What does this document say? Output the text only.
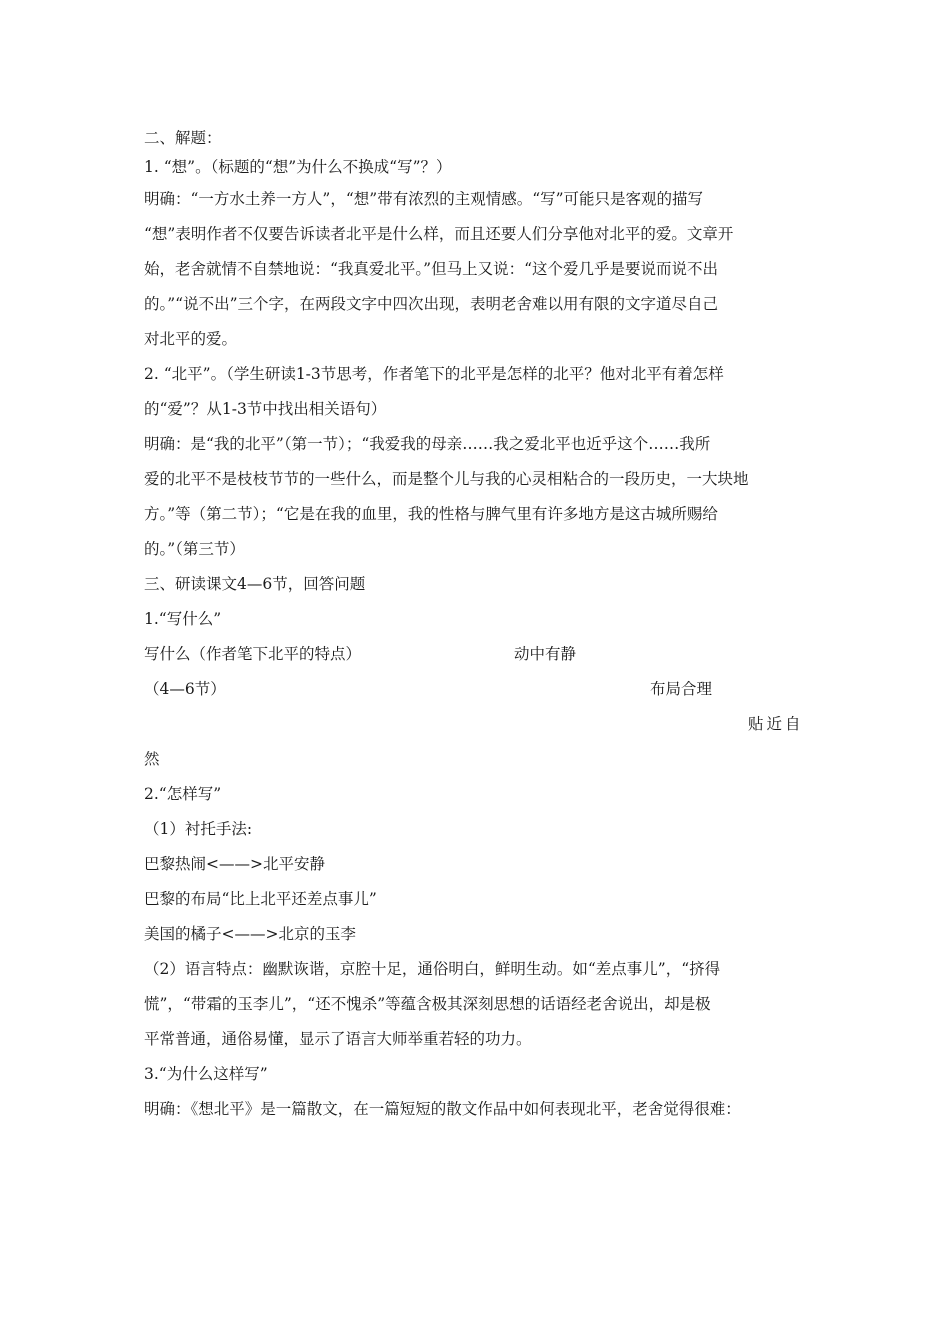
二、解题：
1. “想”。（标题的“想”为什么不换成“写”？）
明确：“一方水土养一方人”，“想”带有浓烈的主观情感。“写”可能只是客观的描写
“想”表明作者不仅要告诉读者北平是什么样，而且还要人们分享他对北平的爱。文章开
始，老舍就情不自禁地说：“我真爱北平。”但马上又说：“这个爱几乎是要说而说不出
的。”“说不出”三个字，在两段文字中四次出现，表明老舍难以用有限的文字道尽自己
对北平的爱。
2. “北平”。（学生研读1-3节思考，作者笔下的北平是怎样的北平？他对北平有着怎样
的“爱”？从1-3节中找出相关语句）
明确：是“我的北平”（第一节）；“我爱我的母亲……我之爱北平也近乎这个……我所
爱的北平不是枝枝节节的一些什么，而是整个儿与我的心灵相粘合的一段历史，一大块地
方。”等（第二节）；“它是在我的血里，我的性格与脾气里有许多地方是这古城所赐给
的。”（第三节）
三、研读课文4—6节，回答问题
1.“写什么”
写什么（作者笔下北平的特点）	动中有静
（4—6节）	布局合理
贴近自
然
2.“怎样写”
（1）衬托手法:
巴黎热闹<——>北平安静
巴黎的布局“比上北平还差点事儿”
美国的橘子<——>北京的玉李
（2）语言特点：幽默诙谐，京腔十足，通俗明白，鲜明生动。如“差点事儿”，“挤得
慌”，“带霜的玉李儿”，“还不愧杀”等蕴含极其深刻思想的话语经老舍说出，却是极
平常普通，通俗易懂，显示了语言大师举重若轻的功力。
3.“为什么这样写”
明确：《想北平》是一篇散文，在一篇短短的散文作品中如何表现北平，老舍觉得很难：
